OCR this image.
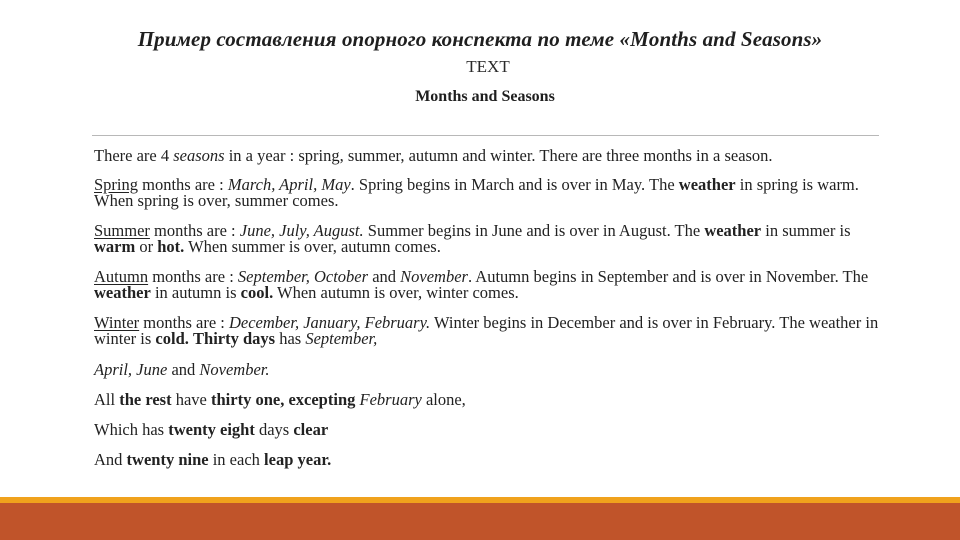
Пример составления опорного конспекта по теме «Months and Seasons»
TEXT
Months and Seasons

There are 4 seasons in a year : spring, summer, autumn and winter. There are three months in a season.

Spring months are : March, April, May. Spring begins in March and is over in May. The weather in spring is warm. When spring is over, summer comes.

Summer months are : June, July, August. Summer begins in June and is over in August. The weather in summer is warm or hot. When summer is over, autumn comes.

Autumn months are : September, October and November. Autumn begins in September and is over in November. The weather in autumn is cool. When autumn is over, winter comes.

Winter months are : December, January, February. Winter begins in December and is over in February. The weather in winter is cold. Thirty days has September,

April, June and November.

All the rest have thirty one, excepting February alone,

Which has twenty eight days clear

And twenty nine in each leap year.
